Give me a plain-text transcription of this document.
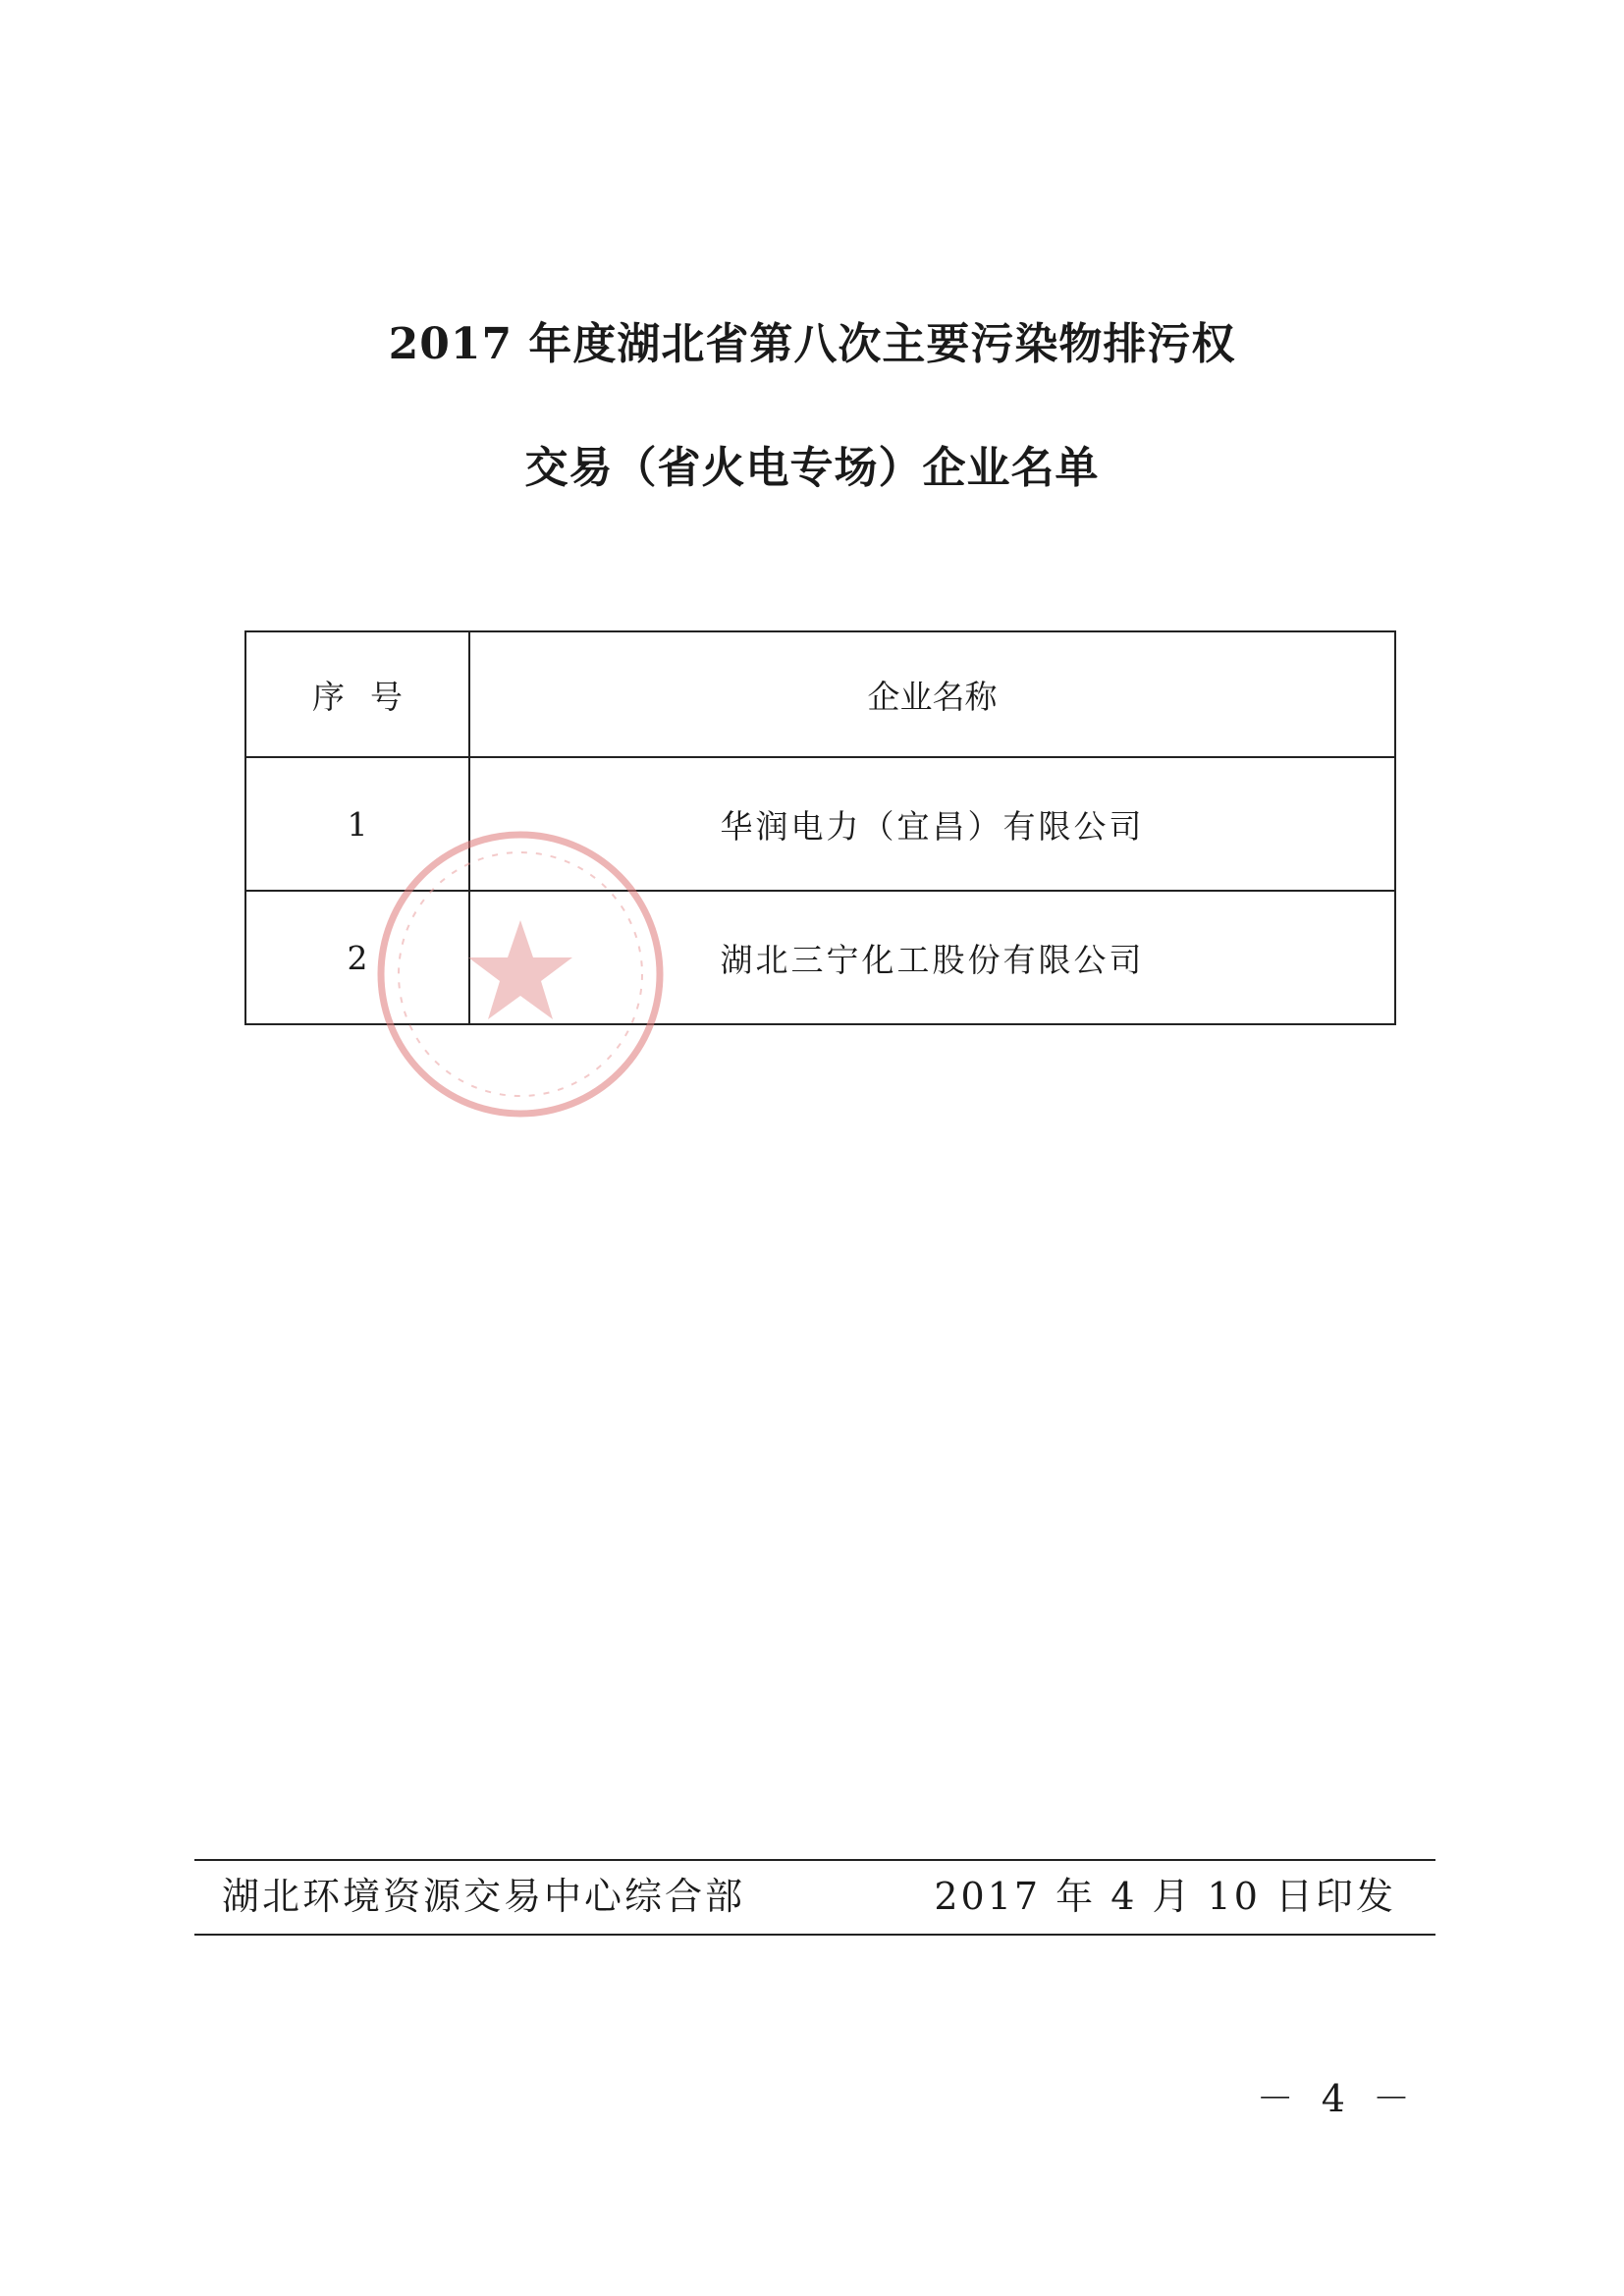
2017 年度湖北省第八次主要污染物排污权
交易（省火电专场）企业名单
序号	企业名称
1	华润电力（宜昌）有限公司
2	湖北三宁化工股份有限公司
湖北环境资源交易中心综合部	2017 年 4 月 10 日印发
－ 4 －
